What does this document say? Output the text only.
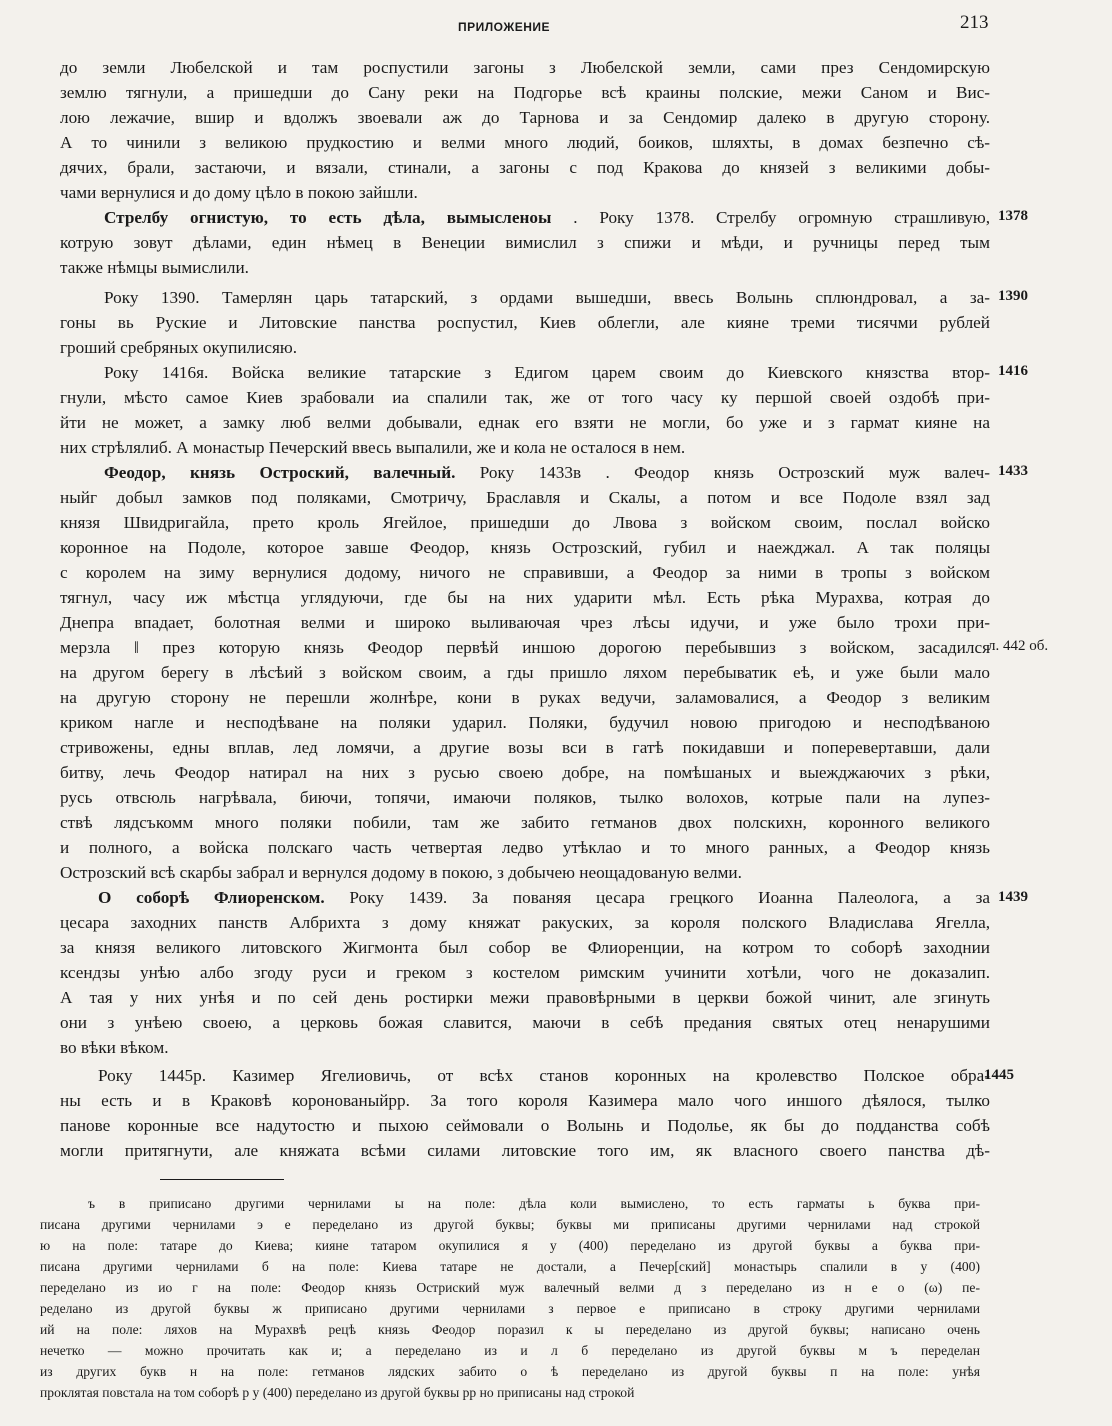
ПРИЛОЖЕНИЕ	213
до земли Любелской и там роспустили загоны з Любелской земли, сами през Сендомирскую
землю тягнули, а пришедши до Сану реки на Подгорье всѣ краины полские, межи Саном и Вис-
лою лежачие, вшир и вдолжъ звоевали аж до Тарнова и за Сендомир далеко в другую сторону.
А то чинили з великою прудкостию и велми много людий, боиков, шляхты, в домах безпечно сѣ-
дячих, брали, застаючи, и вязали, стинали, а загоны с под Кракова до князей з великими добы-
чами вернулися и до дому цѣло в покою зайшли.
Стрелбу огнистую, то есть дѣла, вымысленоы . Року 1378. Стрелбу огромную страшливую,
котрую зовут дѣлами, един нѣмец в Венеции вимислил з спижи и мѣди, и ручницы перед тым
также нѣмцы вымислили.
Року 1390. Тамерлян царь татарский, з ордами вышедши, ввесь Волынь сплюндровал, а за-
гоны вь Руские и Литовские панства роспустил, Киев облегли, але кияне треми тисячми рублей
гроший сребряных окупилисяю.
Року 1416я. Войска великие татарские з Едигом царем своим до Киевского князства втор-
гнули, мѣсто самое Киев зрабовали иа спалили так, же от того часу ку першой своей оздобѣ при-
йти не может, а замку люб велми добывали, еднак его взяти не могли, бо уже и з гармат кияне на
них стрѣлялиб. А монастыр Печерский ввесь выпалили, же и кола не осталося в нем.
Феодор, князь Остроский, валечный. Року 1433в . Феодор князь Острозский муж валеч-
ныйг добыл замков под поляками, Смотричу, Браславля и Скалы, а потом и все Подоле взял зад
князя Швидригайла, прето кроль Ягейлое, пришедши до Лвова з войском своим, послал войско
коронное на Подоле, которое завше Феодор, князь Острозский, губил и наежджал. А так поляцы
с королем на зиму вернулися додому, ничого не справивши, а Феодор за ними в тропы з войском
тягнул, часу иж мѣстца углядуючи, где бы на них ударити мѣл. Есть рѣка Мурахва, котрая до
Днепра впадает, болотная велми и широко выливаючая чрез лѣсы идучи, и уже было трохи при-
мерзла ‖ през которую князь Феодор первѣй иншою дорогою перебывшиз з войском, засадился
на другом берегу в лѣсѣий з войском своим, а гды пришло ляхом перебыватик еѣ, и уже были мало
на другую сторону не перешли жолнѣре, кони в руках ведучи, заламовалися, а Феодор з великим
криком нагле и несподѣване на поляки ударил. Поляки, будучил новою пригодою и несподѣваною
стривожены, едны вплав, лед ломячи, а другие возы вси в гатѣ покидавши и поперевертавши, дали
битву, лечь Феодор натирал на них з русью своею добре, на помѣшаных и выежджаючих з рѣки,
русь отвсюль нагрѣвала, биючи, топячи, имаючи поляков, тылко волохов, котрые пали на лупез-
ствѣ лядсъкомм много поляки побили, там же забито гетманов двох полскихн, коронного великого
и полного, а войска полскаго часть четвертая ледво утѣклао и то много ранных, а Феодор князь
Острозский всѣ скарбы забрал и вернулся додому в покою, з добычею неощадованую велми.
О соборѣ Флиоренском. Року 1439. За пованяя цесара грецкого Иоанна Палеолога, а за
цесара заходних панств Албрихта з дому княжат ракуских, за короля полского Владислава Ягелла,
за князя великого литовского Жигмонта был собор ве Флиоренции, на котром то соборѣ заходнии
ксендзы унѣю албо згоду руси и греком з костелом римским учинити хотѣли, чого не доказалип.
А тая у них унѣя и по сей день ростирки межи правовѣрными в церкви божой чинит, але згинуть
они з унѣею своею, а церковь божая славится, маючи в себѣ предания святых отец ненарушими
во вѣки вѣком.
Року 1445р. Казимер Ягелиовичь, от всѣх станов коронных на кролевство Полское обра-
ны есть и в Краковѣ коронованыйрр. За того короля Казимера мало чого иншого дѣялося, тылко
панове коронные все надутостю и пыхою сеймовали о Волынь и Подолье, як бы до подданства собѣ
могли притягнути, але княжата всѣми силами литовские того им, як власного своего панства дѣ-
1378
1390
1416
1433
л. 442 об.
1439
1445
ъ в приписано другими чернилами ы на поле: дѣла коли вымислено, то есть гарматы ь буква при-
писана другими чернилами э е переделано из другой буквы; буквы ми приписаны другими чернилами над строкой
ю на поле: татаре до Киева; кияне татаром окупилися я у (400) переделано из другой буквы а буква при-
писана другими чернилами б на поле: Киева татаре не достали, а Печер[ский] монастырь спалили в у (400)
переделано из ио г на поле: Феодор князь Остриский муж валечный велми д з переделано из н е о (ω) пе-
ределано из другой буквы ж приписано другими чернилами з первое е приписано в строку другими чернилами
ий на поле: ляхов на Мурахвѣ рецѣ князь Феодор поразил к ы переделано из другой буквы; написано очень
нечетко — можно прочитать как и; а переделано из и л б переделано из другой буквы м ъ переделан
из других букв н на поле: гетманов лядских забито о ѣ переделано из другой буквы п на поле: унѣя
проклятая повстала на том соборѣ р у (400) переделано из другой буквы рр но приписаны над строкой
